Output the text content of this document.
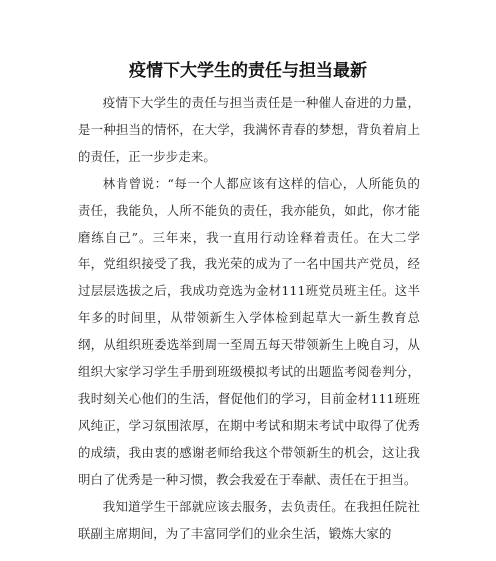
疫情下大学生的责任与担当最新

疫情下大学生的责任与担当责任是一种催人奋进的力量，是一种担当的情怀，在大学，我满怀青春的梦想，背负着肩上的责任，正一步步走来。

林肯曾说：“每一个人都应该有这样的信心，人所能负的责任，我能负，人所不能负的责任，我亦能负，如此，你才能磨练自己”。三年来，我一直用行动诠释着责任。在大二学年，党组织接受了我，我光荣的成为了一名中国共产党员，经过层层选拔之后，我成功竞选为金材111班党员班主任。这半年多的时间里，从带领新生入学体检到起草大一新生教育总纲，从组织班委选举到周一至周五每天带领新生上晚自习，从组织大家学习学生手册到班级模拟考试的出题监考阅卷判分，我时刻关心他们的生活，督促他们的学习，目前金材111班班风纯正，学习氛围浓厚，在期中考试和期末考试中取得了优秀的成绩，我由衷的感谢老师给我这个带领新生的机会，这让我明白了优秀是一种习惯，教会我爱在于奉献、责任在于担当。

我知道学生干部就应该去服务，去负责任。在我担任院社联副主席期间，为了丰富同学们的业余生活，锻炼大家的
